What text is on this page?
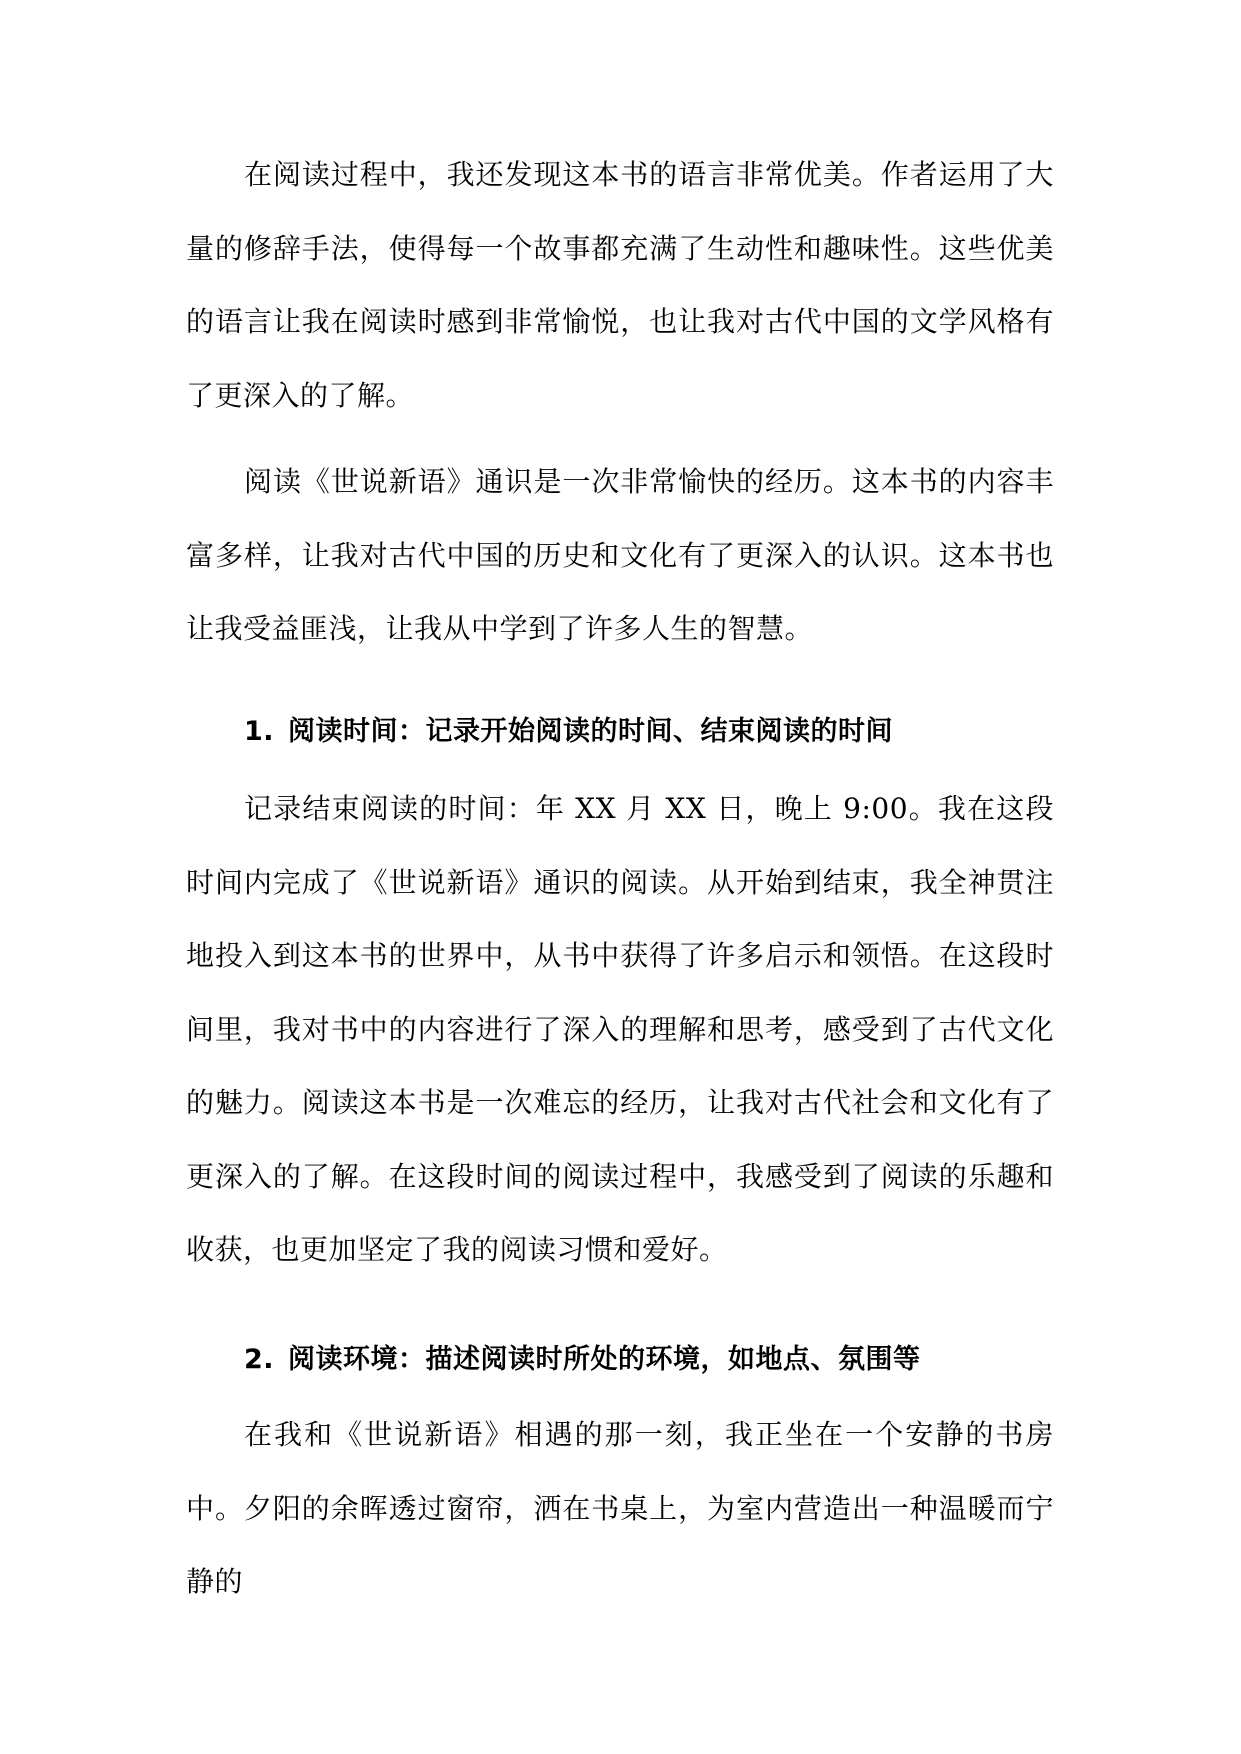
在阅读过程中，我还发现这本书的语言非常优美。作者运用了大量的修辞手法，使得每一个故事都充满了生动性和趣味性。这些优美的语言让我在阅读时感到非常愉悦，也让我对古代中国的文学风格有了更深入的了解。

阅读《世说新语》通识是一次非常愉快的经历。这本书的内容丰富多样，让我对古代中国的历史和文化有了更深入的认识。这本书也让我受益匪浅，让我从中学到了许多人生的智慧。

1. 阅读时间：记录开始阅读的时间、结束阅读的时间

记录结束阅读的时间：年 XX 月 XX 日，晚上 9:00。我在这段时间内完成了《世说新语》通识的阅读。从开始到结束，我全神贯注地投入到这本书的世界中，从书中获得了许多启示和领悟。在这段时间里，我对书中的内容进行了深入的理解和思考，感受到了古代文化的魅力。阅读这本书是一次难忘的经历，让我对古代社会和文化有了更深入的了解。在这段时间的阅读过程中，我感受到了阅读的乐趣和收获，也更加坚定了我的阅读习惯和爱好。

2. 阅读环境：描述阅读时所处的环境，如地点、氛围等

在我和《世说新语》相遇的那一刻，我正坐在一个安静的书房中。夕阳的余晖透过窗帘，洒在书桌上，为室内营造出一种温暖而宁静的
